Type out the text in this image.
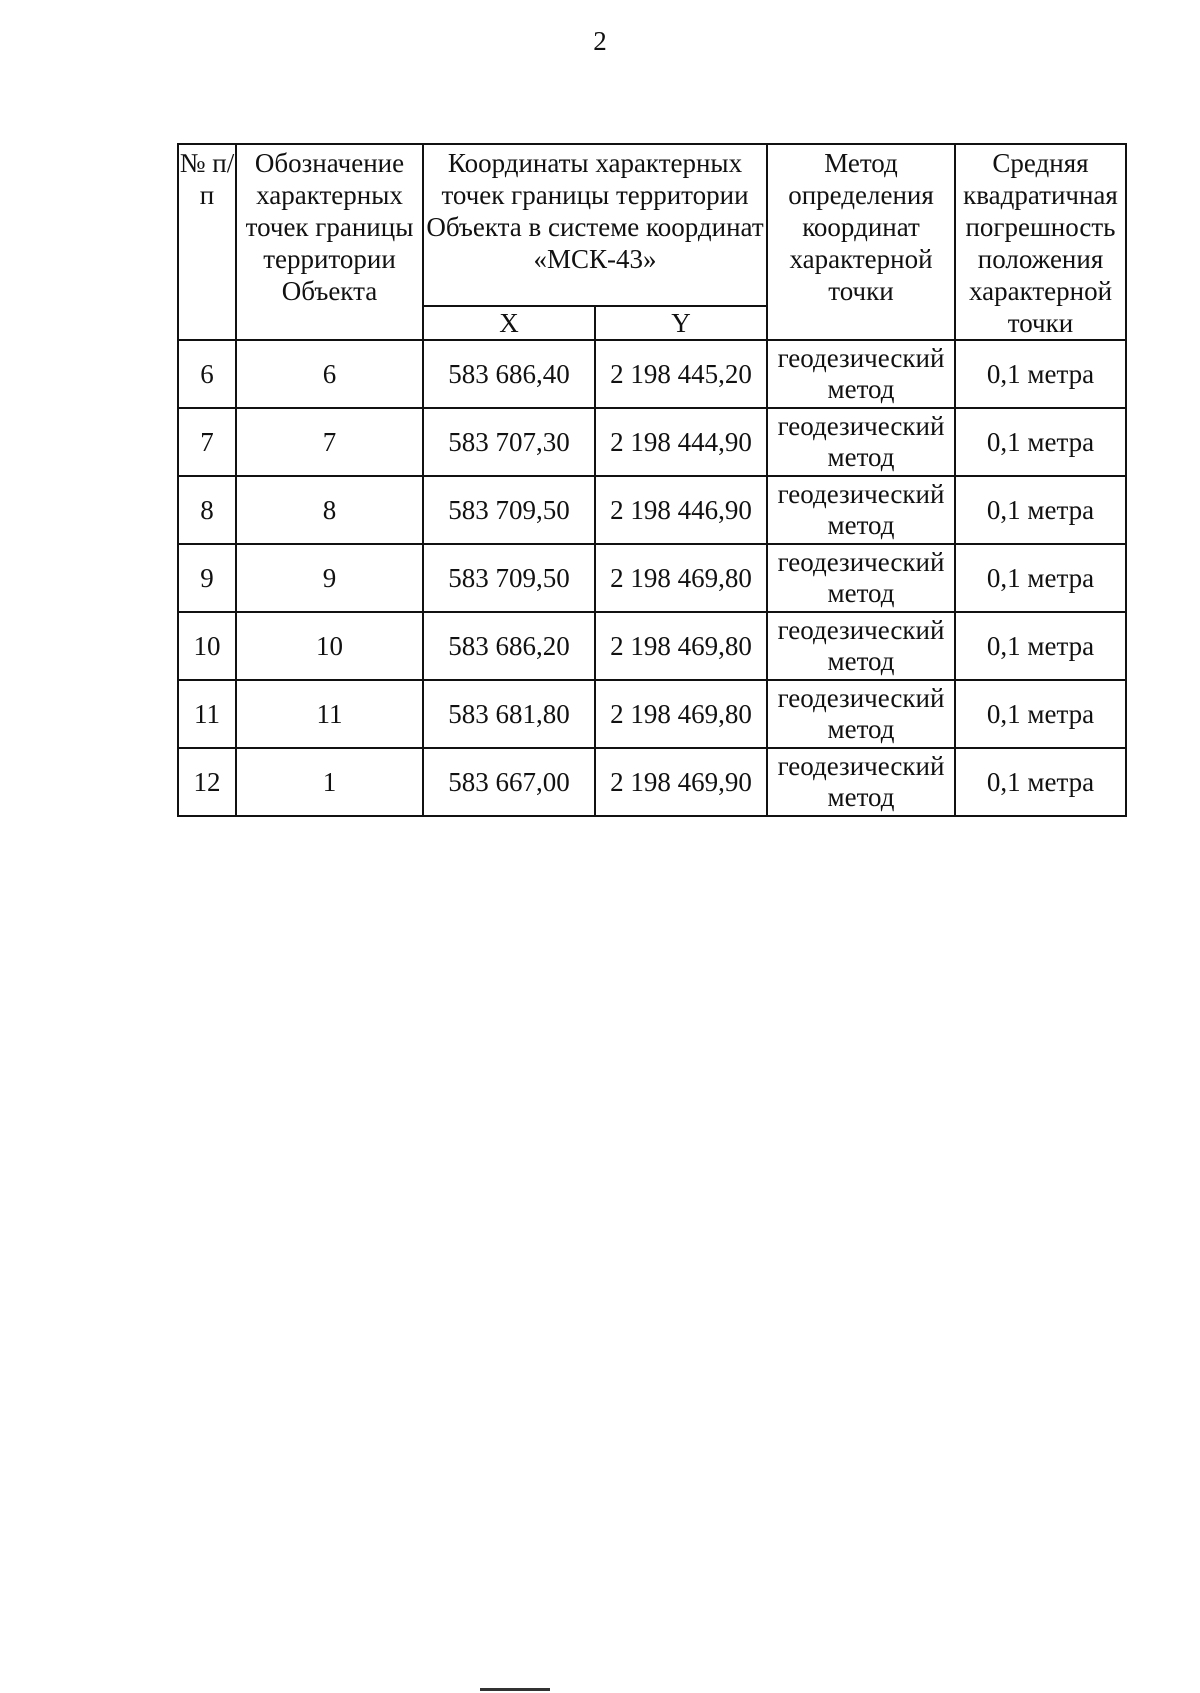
2
№ п/п	Обозначение характерных точек границы территории Объекта	Координаты характерных точек границы территории Объекта в системе координат «МСК-43»		Метод определения координат характерной точки	Средняя квадратичная погрешность положения характерной точки
		X	Y		
6	6	583 686,40	2 198 445,20	геодезический метод	0,1 метра
7	7	583 707,30	2 198 444,90	геодезический метод	0,1 метра
8	8	583 709,50	2 198 446,90	геодезический метод	0,1 метра
9	9	583 709,50	2 198 469,80	геодезический метод	0,1 метра
10	10	583 686,20	2 198 469,80	геодезический метод	0,1 метра
11	11	583 681,80	2 198 469,80	геодезический метод	0,1 метра
12	1	583 667,00	2 198 469,90	геодезический метод	0,1 метра
